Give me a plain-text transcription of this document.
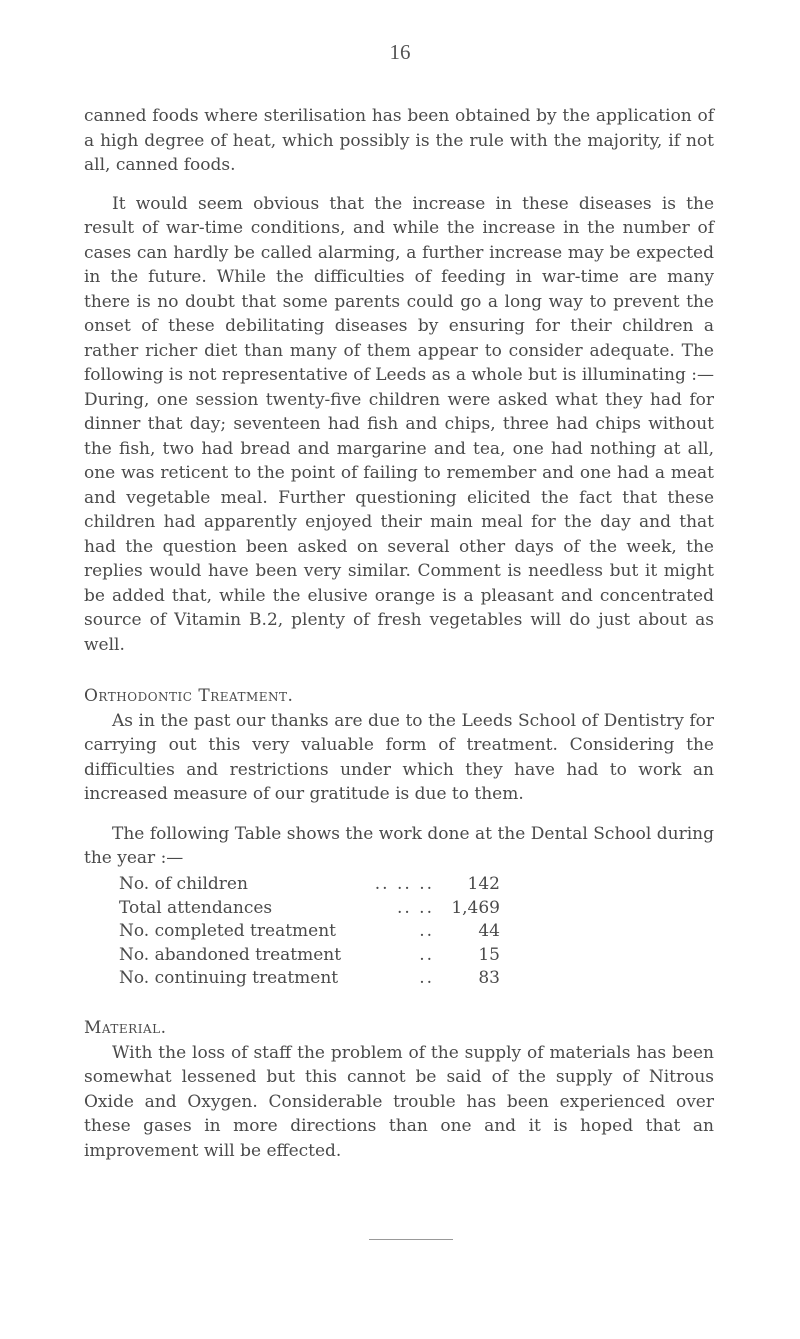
16

canned foods where sterilisation has been obtained by the application of a high degree of heat, which possibly is the rule with the majority, if not all, canned foods.

It would seem obvious that the increase in these diseases is the result of war-time conditions, and while the increase in the number of cases can hardly be called alarming, a further increase may be expected in the future. While the difficulties of feeding in war-time are many there is no doubt that some parents could go a long way to prevent the onset of these debilitating diseases by ensuring for their children a rather richer diet than many of them appear to consider adequate. The following is not representative of Leeds as a whole but is illuminating :—During, one session twenty-five children were asked what they had for dinner that day; seventeen had fish and chips, three had chips without the fish, two had bread and margarine and tea, one had nothing at all, one was reticent to the point of failing to remember and one had a meat and vegetable meal. Further questioning elicited the fact that these children had apparently enjoyed their main meal for the day and that had the question been asked on several other days of the week, the replies would have been very similar. Comment is needless but it might be added that, while the elusive orange is a pleasant and concentrated source of Vitamin B.2, plenty of fresh vegetables will do just about as well.

Orthodontic Treatment.

As in the past our thanks are due to the Leeds School of Dentistry for carrying out this very valuable form of treatment. Considering the difficulties and restrictions under which they have had to work an increased measure of our gratitude is due to them.

The following Table shows the work done at the Dental School during the year :—

No. of children	.. .. ..	142
Total attendances	.. ..	1,469
No. completed treatment	..	44
No. abandoned treatment	..	15
No. continuing treatment	..	83
Material.

With the loss of staff the problem of the supply of materials has been somewhat lessened but this cannot be said of the supply of Nitrous Oxide and Oxygen. Considerable trouble has been experienced over these gases in more directions than one and it is hoped that an improvement will be effected.
